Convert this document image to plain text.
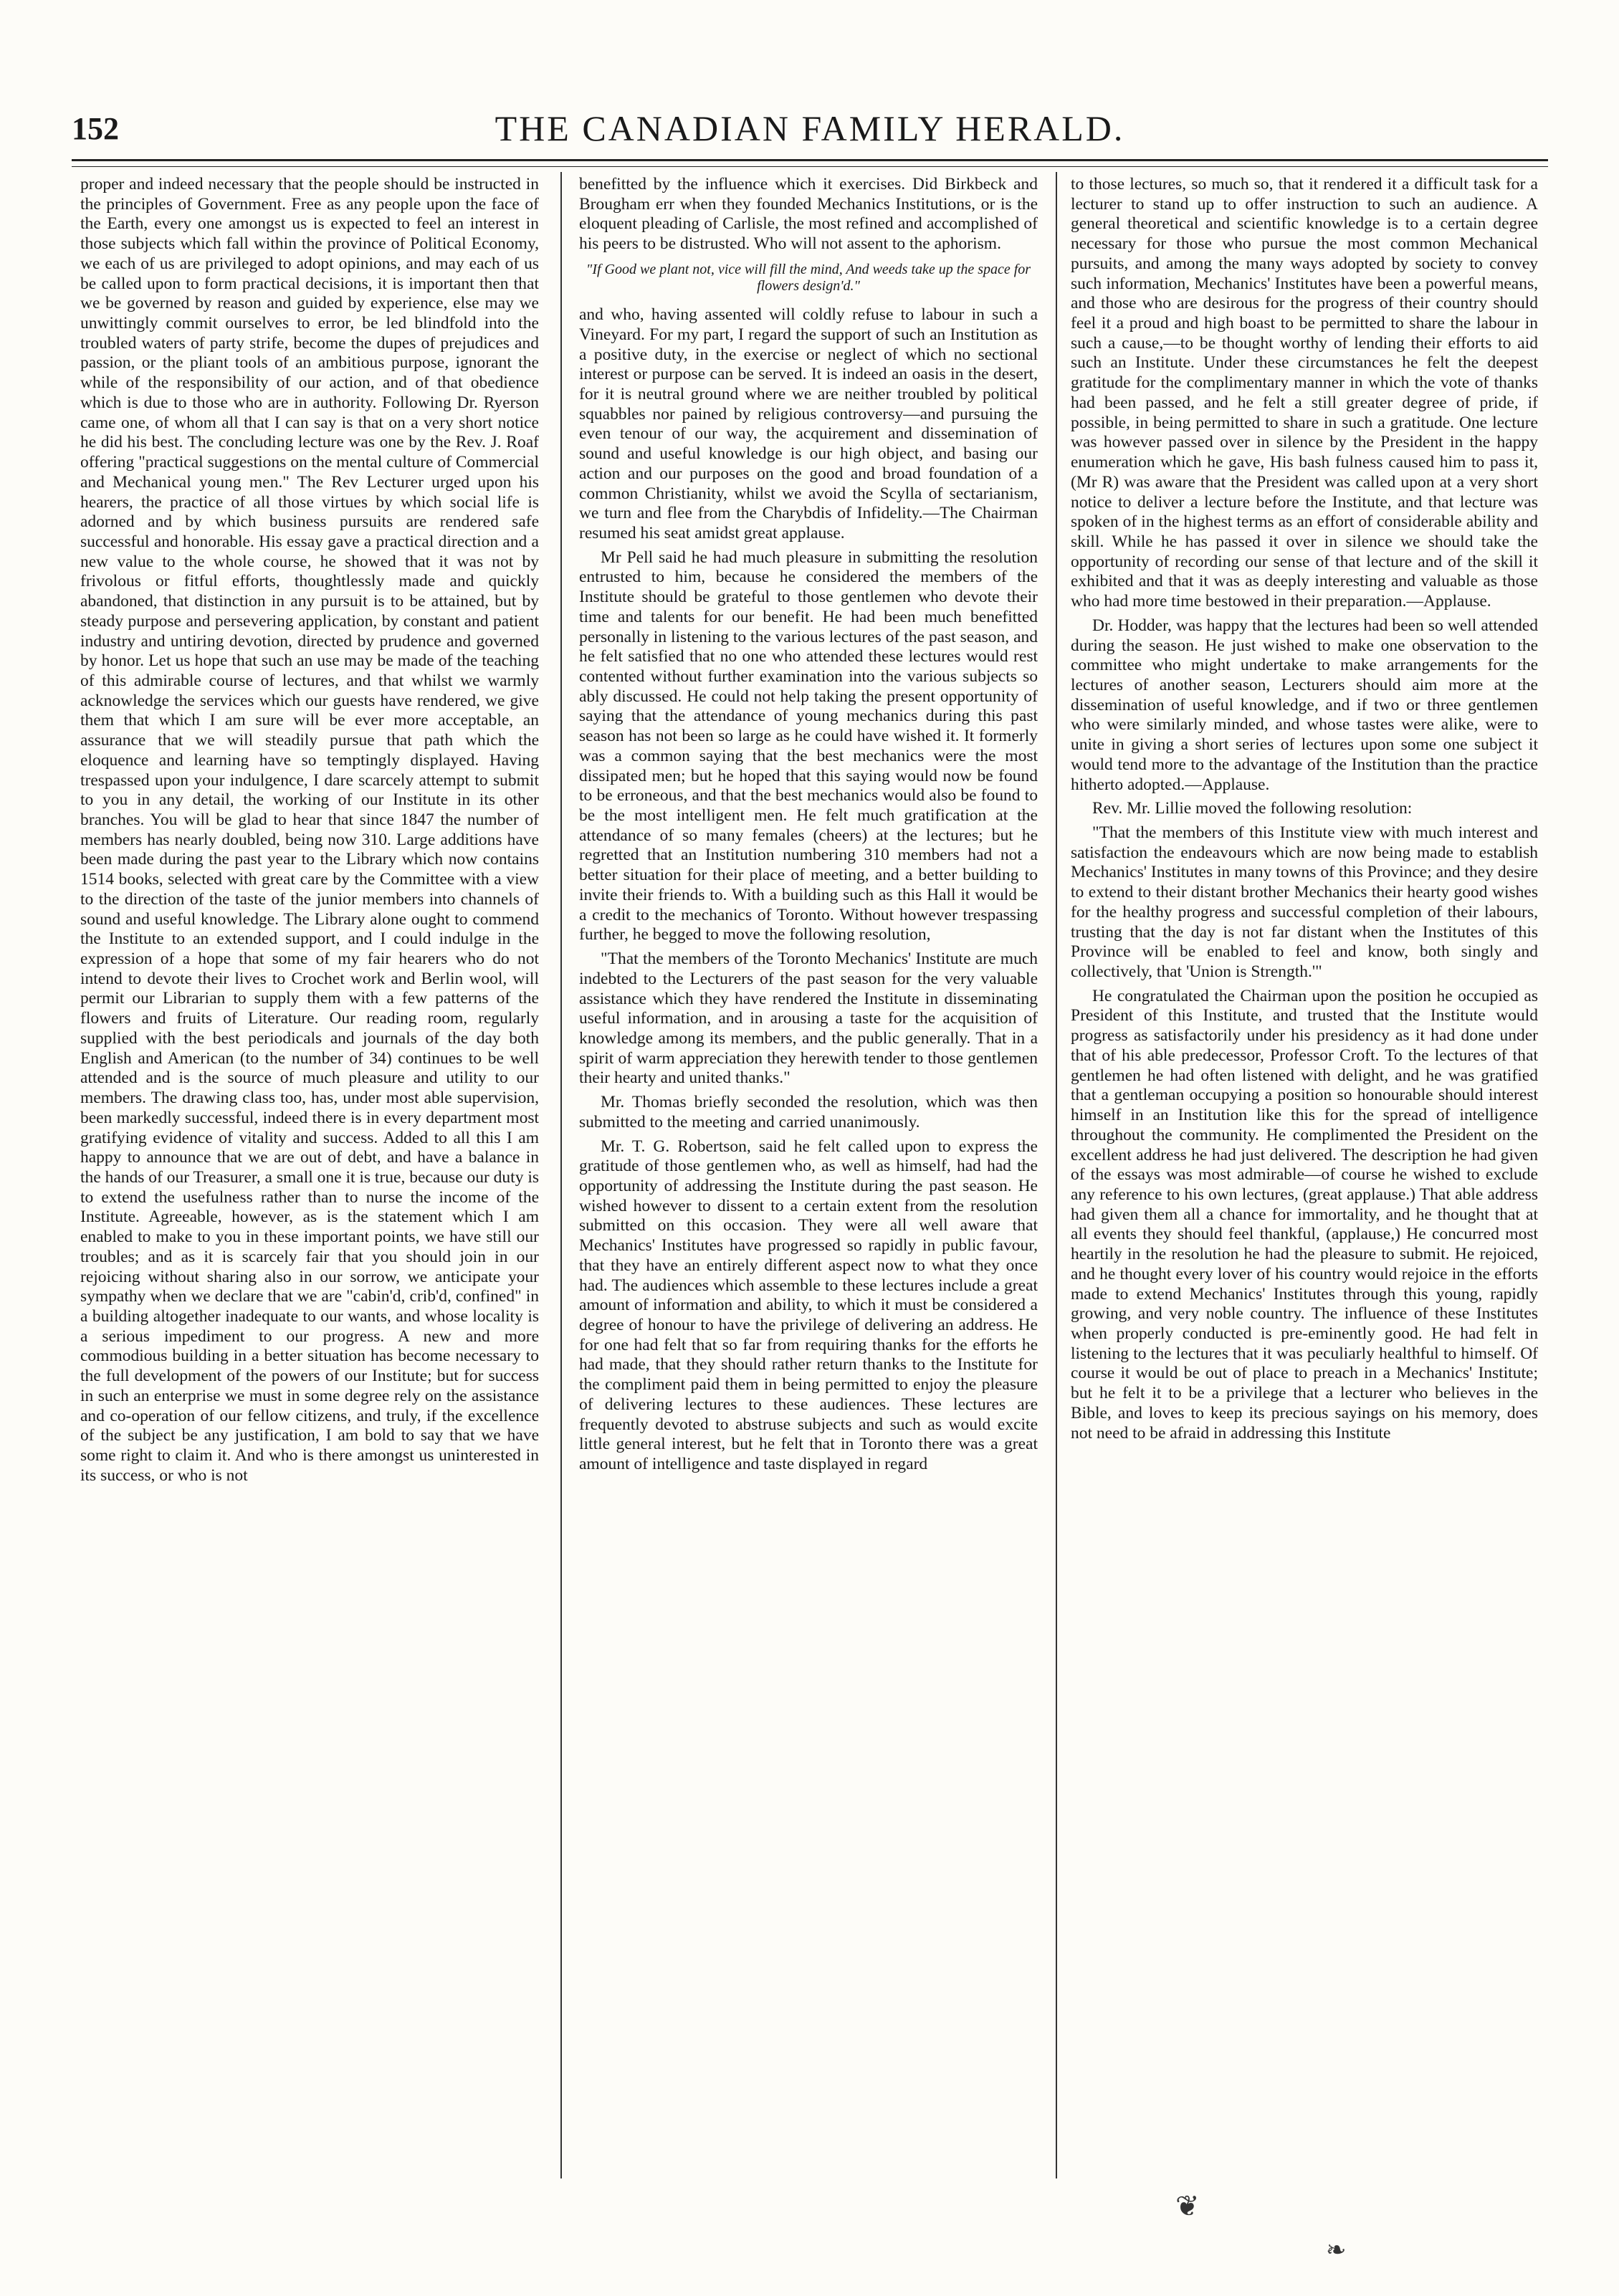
152	THE CANADIAN FAMILY HERALD.

proper and indeed necessary that the people should be instructed in the principles of Government. Free as any people upon the face of the Earth, every one amongst us is expected to feel an interest in those subjects which fall within the province of Political Economy, we each of us are privileged to adopt opinions, and may each of us be called upon to form practical decisions, it is important then that we be governed by reason and guided by experience, else may we unwittingly commit ourselves to error, be led blindfold into the troubled waters of party strife, become the dupes of prejudices and passion, or the pliant tools of an ambitious purpose, ignorant the while of the responsibility of our action, and of that obedience which is due to those who are in authority. Following Dr. Ryerson came one, of whom all that I can say is that on a very short notice he did his best. The concluding lecture was one by the Rev. J. Roaf offering "practical suggestions on the mental culture of Commercial and Mechanical young men." The Rev Lecturer urged upon his hearers, the practice of all those virtues by which social life is adorned and by which business pursuits are rendered safe successful and honorable. His essay gave a practical direction and a new value to the whole course, he showed that it was not by frivolous or fitful efforts, thoughtlessly made and quickly abandoned, that distinction in any pursuit is to be attained, but by steady purpose and persevering application, by constant and patient industry and untiring devotion, directed by prudence and governed by honor. Let us hope that such an use may be made of the teaching of this admirable course of lectures, and that whilst we warmly acknowledge the services which our guests have rendered, we give them that which I am sure will be ever more acceptable, an assurance that we will steadily pursue that path which the eloquence and learning have so temptingly displayed. Having trespassed upon your indulgence, I dare scarcely attempt to submit to you in any detail, the working of our Institute in its other branches. You will be glad to hear that since 1847 the number of members has nearly doubled, being now 310. Large additions have been made during the past year to the Library which now contains 1514 books, selected with great care by the Committee with a view to the direction of the taste of the junior members into channels of sound and useful knowledge. The Library alone ought to commend the Institute to an extended support, and I could indulge in the expression of a hope that some of my fair hearers who do not intend to devote their lives to Crochet work and Berlin wool, will permit our Librarian to supply them with a few patterns of the flowers and fruits of Literature. Our reading room, regularly supplied with the best periodicals and journals of the day both English and American (to the number of 34) continues to be well attended and is the source of much pleasure and utility to our members. The drawing class too, has, under most able supervision, been markedly successful, indeed there is in every department most gratifying evidence of vitality and success. Added to all this I am happy to announce that we are out of debt, and have a balance in the hands of our Treasurer, a small one it is true, because our duty is to extend the usefulness rather than to nurse the income of the Institute. Agreeable, however, as is the statement which I am enabled to make to you in these important points, we have still our troubles; and as it is scarcely fair that you should join in our rejoicing without sharing also in our sorrow, we anticipate your sympathy when we declare that we are "cabin'd, crib'd, confined" in a building altogether inadequate to our wants, and whose locality is a serious impediment to our progress. A new and more commodious building in a better situation has become necessary to the full development of the powers of our Institute; but for success in such an enterprise we must in some degree rely on the assistance and co-operation of our fellow citizens, and truly, if the excellence of the subject be any justification, I am bold to say that we have some right to claim it. And who is there amongst us uninterested in its success, or who is not

benefitted by the influence which it exercises. Did Birkbeck and Brougham err when they founded Mechanics Institutions, or is the eloquent pleading of Carlisle, the most refined and accomplished of his peers to be distrusted. Who will not assent to the aphorism.

"If Good we plant not, vice will fill the mind, And weeds take up the space for flowers design'd."

and who, having assented will coldly refuse to labour in such a Vineyard. For my part, I regard the support of such an Institution as a positive duty, in the exercise or neglect of which no sectional interest or purpose can be served. It is indeed an oasis in the desert, for it is neutral ground where we are neither troubled by political squabbles nor pained by religious controversy—and pursuing the even tenour of our way, the acquirement and dissemination of sound and useful knowledge is our high object, and basing our action and our purposes on the good and broad foundation of a common Christianity, whilst we avoid the Scylla of sectarianism, we turn and flee from the Charybdis of Infidelity.—The Chairman resumed his seat amidst great applause.

Mr Pell said he had much pleasure in submitting the resolution entrusted to him, because he considered the members of the Institute should be grateful to those gentlemen who devote their time and talents for our benefit. He had been much benefitted personally in listening to the various lectures of the past season, and he felt satisfied that no one who attended these lectures would rest contented without further examination into the various subjects so ably discussed. He could not help taking the present opportunity of saying that the attendance of young mechanics during this past season has not been so large as he could have wished it. It formerly was a common saying that the best mechanics were the most dissipated men; but he hoped that this saying would now be found to be erroneous, and that the best mechanics would also be found to be the most intelligent men. He felt much gratification at the attendance of so many females (cheers) at the lectures; but he regretted that an Institution numbering 310 members had not a better situation for their place of meeting, and a better building to invite their friends to. With a building such as this Hall it would be a credit to the mechanics of Toronto. Without however trespassing further, he begged to move the following resolution,

"That the members of the Toronto Mechanics' Institute are much indebted to the Lecturers of the past season for the very valuable assistance which they have rendered the Institute in disseminating useful information, and in arousing a taste for the acquisition of knowledge among its members, and the public generally. That in a spirit of warm appreciation they herewith tender to those gentlemen their hearty and united thanks."

Mr. Thomas briefly seconded the resolution, which was then submitted to the meeting and carried unanimously.

Mr. T. G. Robertson, said he felt called upon to express the gratitude of those gentlemen who, as well as himself, had had the opportunity of addressing the Institute during the past season. He wished however to dissent to a certain extent from the resolution submitted on this occasion. They were all well aware that Mechanics' Institutes have progressed so rapidly in public favour, that they have an entirely different aspect now to what they once had. The audiences which assemble to these lectures include a great amount of information and ability, to which it must be considered a degree of honour to have the privilege of delivering an address. He for one had felt that so far from requiring thanks for the efforts he had made, that they should rather return thanks to the Institute for the compliment paid them in being permitted to enjoy the pleasure of delivering lectures to these audiences. These lectures are frequently devoted to abstruse subjects and such as would excite little general interest, but he felt that in Toronto there was a great amount of intelligence and taste displayed in regard

to those lectures, so much so, that it rendered it a difficult task for a lecturer to stand up to offer instruction to such an audience. A general theoretical and scientific knowledge is to a certain degree necessary for those who pursue the most common Mechanical pursuits, and among the many ways adopted by society to convey such information, Mechanics' Institutes have been a powerful means, and those who are desirous for the progress of their country should feel it a proud and high boast to be permitted to share the labour in such a cause,—to be thought worthy of lending their efforts to aid such an Institute. Under these circumstances he felt the deepest gratitude for the complimentary manner in which the vote of thanks had been passed, and he felt a still greater degree of pride, if possible, in being permitted to share in such a gratitude. One lecture was however passed over in silence by the President in the happy enumeration which he gave, His bash fulness caused him to pass it, (Mr R) was aware that the President was called upon at a very short notice to deliver a lecture before the Institute, and that lecture was spoken of in the highest terms as an effort of considerable ability and skill. While he has passed it over in silence we should take the opportunity of recording our sense of that lecture and of the skill it exhibited and that it was as deeply interesting and valuable as those who had more time bestowed in their preparation.—Applause.

Dr. Hodder, was happy that the lectures had been so well attended during the season. He just wished to make one observation to the committee who might undertake to make arrangements for the lectures of another season, Lecturers should aim more at the dissemination of useful knowledge, and if two or three gentlemen who were similarly minded, and whose tastes were alike, were to unite in giving a short series of lectures upon some one subject it would tend more to the advantage of the Institution than the practice hitherto adopted.—Applause.

Rev. Mr. Lillie moved the following resolution:

"That the members of this Institute view with much interest and satisfaction the endeavours which are now being made to establish Mechanics' Institutes in many towns of this Province; and they desire to extend to their distant brother Mechanics their hearty good wishes for the healthy progress and successful completion of their labours, trusting that the day is not far distant when the Institutes of this Province will be enabled to feel and know, both singly and collectively, that 'Union is Strength.'"

He congratulated the Chairman upon the position he occupied as President of this Institute, and trusted that the Institute would progress as satisfactorily under his presidency as it had done under that of his able predecessor, Professor Croft. To the lectures of that gentlemen he had often listened with delight, and he was gratified that a gentleman occupying a position so honourable should interest himself in an Institution like this for the spread of intelligence throughout the community. He complimented the President on the excellent address he had just delivered. The description he had given of the essays was most admirable—of course he wished to exclude any reference to his own lectures, (great applause.) That able address had given them all a chance for immortality, and he thought that at all events they should feel thankful, (applause,) He concurred most heartily in the resolution he had the pleasure to submit. He rejoiced, and he thought every lover of his country would rejoice in the efforts made to extend Mechanics' Institutes through this young, rapidly growing, and very noble country. The influence of these Institutes when properly conducted is pre-eminently good. He had felt in listening to the lectures that it was peculiarly healthful to himself. Of course it would be out of place to preach in a Mechanics' Institute; but he felt it to be a privilege that a lecturer who believes in the Bible, and loves to keep its precious sayings on his memory, does not need to be afraid in addressing this Institute

❦
❧
